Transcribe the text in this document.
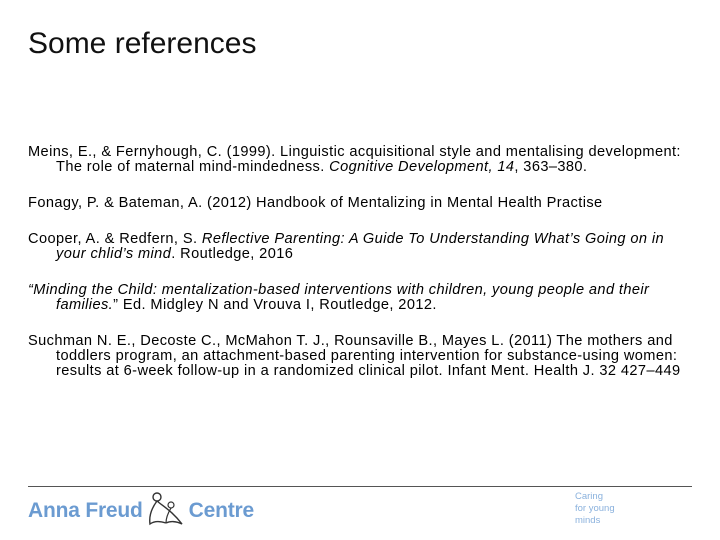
Some references

Meins, E., & Fernyhough, C. (1999). Linguistic acquisitional style and mentalising development: The role of maternal mind-mindedness. Cognitive Development, 14, 363–380.

Fonagy, P. & Bateman, A. (2012) Handbook of Mentalizing in Mental Health Practise

Cooper, A. & Redfern, S. Reflective Parenting: A Guide To Understanding What’s Going on in your chlid’s mind. Routledge, 2016

“Minding the Child: mentalization-based interventions with children, young people and their families.” Ed. Midgley N and Vrouva I, Routledge, 2012.

Suchman N. E., Decoste C., McMahon T. J., Rounsaville B., Mayes L. (2011) The mothers and toddlers program, an attachment-based parenting intervention for substance-using women: results at 6-week follow-up in a randomized clinical pilot. Infant Ment. Health J. 32 427–449

Anna Freud Centre
Caring
for young
minds
